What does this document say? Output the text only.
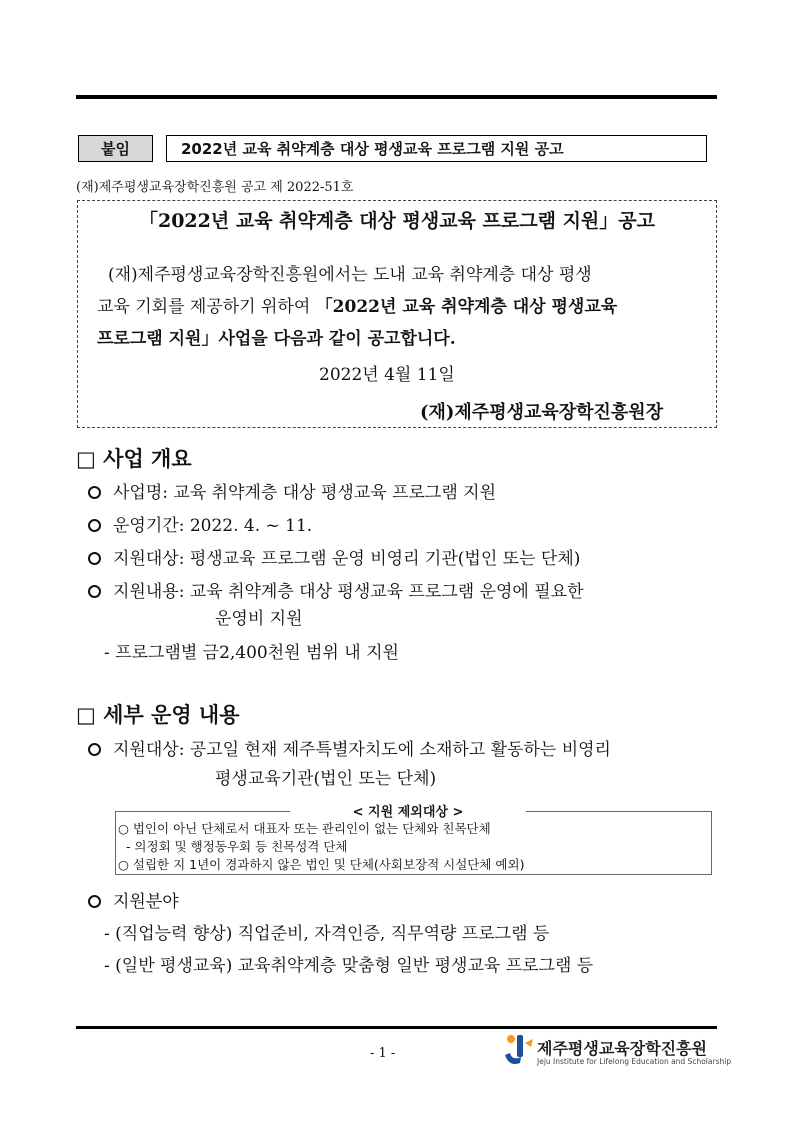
붙임	2022년 교육 취약계층 대상 평생교육 프로그램 지원 공고
(재)제주평생교육장학진흥원 공고 제 2022-51호
「2022년 교육 취약계층 대상 평생교육 프로그램 지원」공고
(재)제주평생교육장학진흥원에서는 도내 교육 취약계층 대상 평생
교육 기회를 제공하기 위하여 「2022년 교육 취약계층 대상 평생교육
프로그램 지원」사업을 다음과 같이 공고합니다.
2022년 4월 11일
(재)제주평생교육장학진흥원장
□ 사업 개요
사업명: 교육 취약계층 대상 평생교육 프로그램 지원
운영기간: 2022. 4. ~ 11.
지원대상: 평생교육 프로그램 운영 비영리 기관(법인 또는 단체)
지원내용: 교육 취약계층 대상 평생교육 프로그램 운영에 필요한
운영비 지원
- 프로그램별 금2,400천원 범위 내 지원
□ 세부 운영 내용
지원대상: 공고일 현재 제주특별자치도에 소재하고 활동하는 비영리
평생교육기관(법인 또는 단체)
< 지원 제외대상 >
○ 법인이 아닌 단체로서 대표자 또는 관리인이 없는 단체와 친목단체
- 의정회 및 행정동우회 등 친목성격 단체
○ 설립한 지 1년이 경과하지 않은 법인 및 단체(사회보장적 시설단체 예외)
지원분야
- (직업능력 향상) 직업준비, 자격인증, 직무역량 프로그램 등
- (일반 평생교육) 교육취약계층 맞춤형 일반 평생교육 프로그램 등
- 1 -	제주평생교육장학진흥원
Jeju Institute for Lifelong Education and Scholarship
